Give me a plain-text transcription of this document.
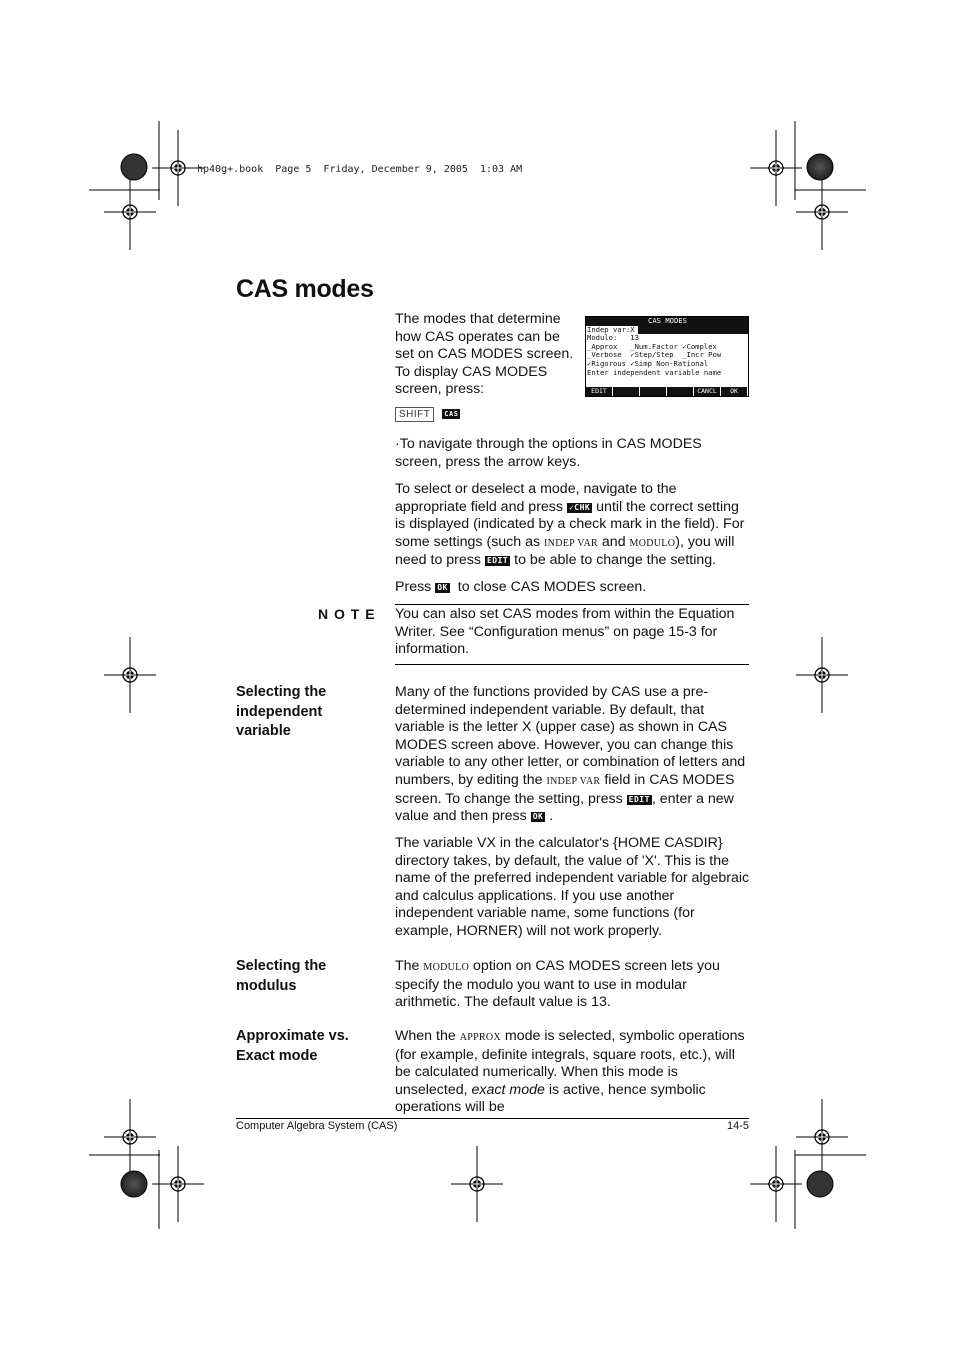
hp40g+.book  Page 5  Friday, December 9, 2005  1:03 AM
CAS modes

The modes that determine how CAS operates can be set on CAS MODES screen. To display CAS MODES screen, press:

SHIFT CAS

CAS MODES
Indep var:X
Modulo:   13
_Approx   _Num.Factor ✓Complex
_Verbose  ✓Step/Step  _Incr Pow
✓Rigorous ✓Simp Non-Rational
Enter independent variable name
EDIT	CANCL	OK

·To navigate through the options in CAS MODES screen, press the arrow keys.

To select or deselect a mode, navigate to the appropriate field and press ✓CHK until the correct setting is displayed (indicated by a check mark in the field). For some settings (such as INDEP VAR and MODULO), you will need to press EDIT to be able to change the setting.

Press OK to close CAS MODES screen.

N O T E You can also set CAS modes from within the Equation Writer. See “Configuration menus” on page 15-3 for information.

Selecting the independent variable

Many of the functions provided by CAS use a pre-determined independent variable. By default, that variable is the letter X (upper case) as shown in CAS MODES screen above. However, you can change this variable to any other letter, or combination of letters and numbers, by editing the INDEP VAR field in CAS MODES screen. To change the setting, press EDIT , enter a new value and then press OK .

The variable VX in the calculator's {HOME CASDIR} directory takes, by default, the value of 'X'. This is the name of the preferred independent variable for algebraic and calculus applications. If you use another independent variable name, some functions (for example, HORNER) will not work properly.

Selecting the modulus

The MODULO option on CAS MODES screen lets you specify the modulo you want to use in modular arithmetic. The default value is 13.

Approximate vs. Exact mode

When the APPROX mode is selected, symbolic operations (for example, definite integrals, square roots, etc.), will be calculated numerically. When this mode is unselected, exact mode is active, hence symbolic operations will be

Computer Algebra System (CAS)	14-5
